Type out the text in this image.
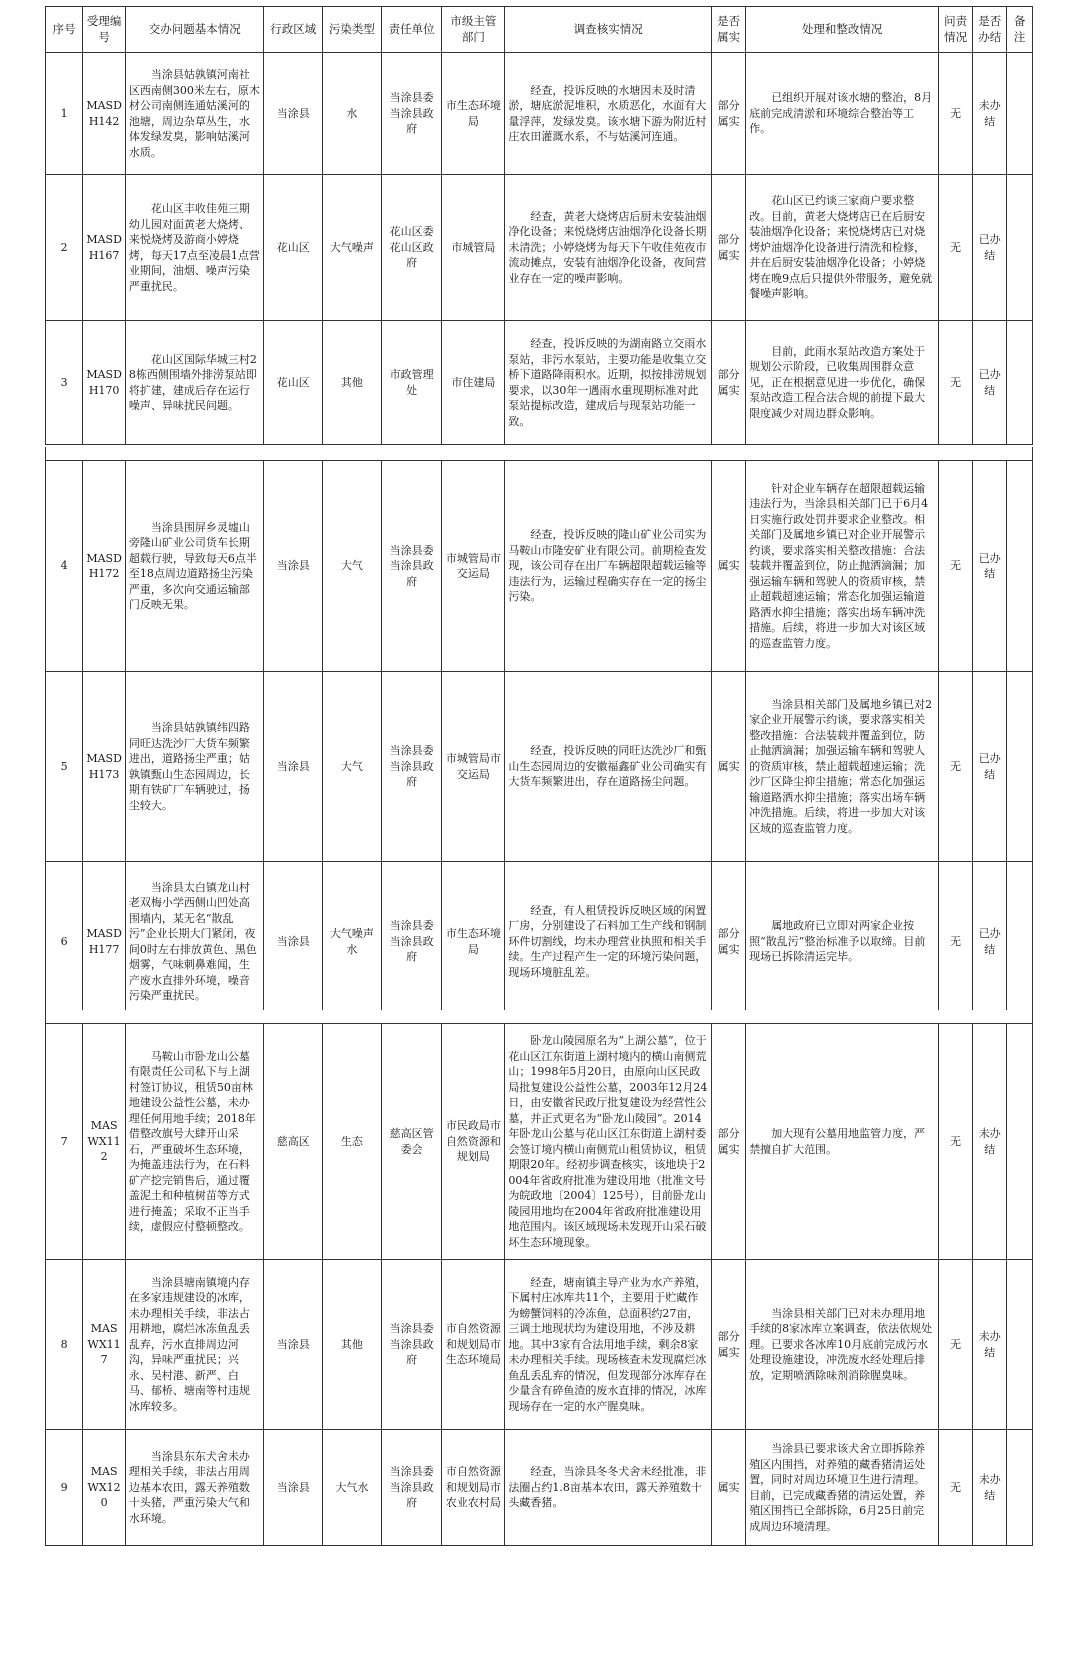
序号	受理编号	交办问题基本情况	行政区域	污染类型	责任单位	市级主管部门	调查核实情况	是否属实	处理和整改情况	问责情况	是否办结	备注
1	MASDH142	当涂县姑孰镇河南社区西南侧300米左右，原木材公司南侧连通姑溪河的池塘，周边杂草丛生，水体发绿发臭，影响姑溪河水质。	当涂县	水	当涂县委当涂县政府	市生态环境局	经查，投诉反映的水塘因未及时清淤，塘底淤泥堆积，水质恶化，水面有大量浮萍，发绿发臭。该水塘下游为附近村庄农田灌溉水系，不与姑溪河连通。	部分属实	已组织开展对该水塘的整治，8月底前完成清淤和环境综合整治等工作。	无	未办结	
2	MASDH167	花山区丰收佳苑三期幼儿园对面黄老大烧烤、来悦烧烤及游商小婷烧烤，每天17点至凌晨1点营业期间，油烟、噪声污染严重扰民。	花山区	大气噪声	花山区委花山区政府	市城管局	经查，黄老大烧烤店后厨未安装油烟净化设备；来悦烧烤店油烟净化设备长期未清洗；小婷烧烤为每天下午收佳苑夜市流动摊点，安装有油烟净化设备，夜间营业存在一定的噪声影响。	部分属实	花山区已约谈三家商户要求整改。目前，黄老大烧烤店已在后厨安装油烟净化设备；来悦烧烤店已对烧烤炉油烟净化设备进行清洗和检修，并在后厨安装油烟净化设备；小婷烧烤在晚9点后只提供外带服务，避免就餐噪声影响。	无	已办结	
3	MASDH170	花山区国际华城三村28栋西侧围墙外排涝泵站即将扩建，建成后存在运行噪声、异味扰民问题。	花山区	其他	市政管理处	市住建局	经查，投诉反映的为湖南路立交雨水泵站，非污水泵站，主要功能是收集立交桥下道路降雨积水。近期，拟按排涝规划要求，以30年一遇雨水重现期标准对此泵站提标改造，建成后与现泵站功能一致。	部分属实	目前，此雨水泵站改造方案处于规划公示阶段，已收集周围群众意见，正在根据意见进一步优化，确保泵站改造工程合法合规的前提下最大限度减少对周边群众影响。	无	已办结	
4	MASDH172	当涂县围屏乡灵墟山旁隆山矿业公司货车长期超载行驶，导致每天6点半至18点周边道路扬尘污染严重，多次向交通运输部门反映无果。	当涂县	大气	当涂县委当涂县政府	市城管局市交运局	经查，投诉反映的隆山矿业公司实为马鞍山市隆安矿业有限公司。前期检查发现，该公司存在出厂车辆超限超载运输等违法行为，运输过程确实存在一定的扬尘污染。	属实	针对企业车辆存在超限超载运输违法行为，当涂县相关部门已于6月4日实施行政处罚并要求企业整改。相关部门及属地乡镇已对企业开展警示约谈，要求落实相关整改措施：合法装载并覆盖到位，防止抛洒滴漏；加强运输车辆和驾驶人的资质审核，禁止超载超速运输；常态化加强运输道路洒水抑尘措施；落实出场车辆冲洗措施。后续，将进一步加大对该区域的巡查监管力度。	无	已办结	
5	MASDH173	当涂县姑孰镇纬四路同旺达洗沙厂大货车频繁进出，道路扬尘严重；姑孰镇甄山生态园周边，长期有铁矿厂车辆驶过，扬尘较大。	当涂县	大气	当涂县委当涂县政府	市城管局市交运局	经查，投诉反映的同旺达洗沙厂和甄山生态园周边的安徽福鑫矿业公司确实有大货车频繁进出，存在道路扬尘问题。	属实	当涂县相关部门及属地乡镇已对2家企业开展警示约谈，要求落实相关整改措施：合法装载并覆盖到位，防止抛洒滴漏；加强运输车辆和驾驶人的资质审核，禁止超载超速运输；洗沙厂区降尘抑尘措施；常态化加强运输道路洒水抑尘措施；落实出场车辆冲洗措施。后续，将进一步加大对该区域的巡查监管力度。	无	已办结	
6	MASDH177	当涂县太白镇龙山村老双梅小学西侧山凹处高围墙内，某无名“散乱污”企业长期大门紧闭，夜间0时左右排放黄色、黑色烟雾，气味刺鼻难闻，生产废水直排外环境，噪音污染严重扰民。	当涂县	大气噪声水	当涂县委当涂县政府	市生态环境局	经查，有人租赁投诉反映区域的闲置厂房，分别建设了石料加工生产线和钢制环件切割线，均未办理营业执照和相关手续。生产过程产生一定的环境污染问题，现场环境脏乱差。	部分属实	属地政府已立即对两家企业按照“散乱污”整治标准予以取缔。目前现场已拆除清运完毕。	无	已办结	
7	MASWX112	马鞍山市卧龙山公墓有限责任公司私下与上湖村签订协议，租赁50亩林地建设公益性公墓，未办理任何用地手续；2018年借整改旗号大肆开山采石，严重破坏生态环境，为掩盖违法行为，在石料矿产挖完销售后，通过覆盖泥土和种植树苗等方式进行掩盖；采取不正当手续，虚假应付整顿整改。	慈高区	生态	慈高区管委会	市民政局市自然资源和规划局	卧龙山陵园原名为“上湖公墓”，位于花山区江东街道上湖村境内的横山南侧荒山；1998年5月20日，由原向山区民政局批复建设公益性公墓，2003年12月24日，由安徽省民政厅批复建设为经营性公墓，并正式更名为“卧龙山陵园”。2014年卧龙山公墓与花山区江东街道上湖村委会签订境内横山南侧荒山租赁协议，租赁期限20年。经初步调查核实，该地块于2004年省政府批准为建设用地（批准文号为皖政地〔2004〕125号），目前卧龙山陵园用地均在2004年省政府批准建设用地范围内。该区域现场未发现开山采石破坏生态环境现象。	部分属实	加大现有公墓用地监管力度，严禁擅自扩大范围。	无	未办结	
8	MASWX117	当涂县塘南镇境内存在多家违规建设的冰库，未办理相关手续，非法占用耕地，腐烂冰冻鱼乱丢乱弃，污水直排周边河沟，异味严重扰民；兴永、吴村港、新严、白马、郁桥、塘南等村违规冰库较多。	当涂县	其他	当涂县委当涂县政府	市自然资源和规划局市生态环境局	经查，塘南镇主导产业为水产养殖，下属村庄冰库共11个，主要用于贮藏作为螃蟹饲料的冷冻鱼，总面积约27亩，三调土地现状均为建设用地，不涉及耕地。其中3家有合法用地手续，剩余8家未办理相关手续。现场核查未发现腐烂冰鱼乱丢乱弃的情况，但发现部分冰库存在少量含有碎鱼渣的废水直排的情况，冰库现场存在一定的水产腥臭味。	部分属实	当涂县相关部门已对未办理用地手续的8家冰库立案调查，依法依规处理。已要求各冰库10月底前完成污水处理设施建设，冲洗废水经处理后排放，定期喷洒除味剂消除腥臭味。	无	未办结	
9	MASWX120	当涂县东东犬舍未办理相关手续，非法占用周边基本农田，露天养殖数十头猪，严重污染大气和水环境。	当涂县	大气水	当涂县委当涂县政府	市自然资源和规划局市农业农村局	经查，当涂县冬冬犬舍未经批准，非法圈占约1.8亩基本农田，露天养殖数十头藏香猪。	属实	当涂县已要求该犬舍立即拆除养殖区内围挡，对养殖的藏香猪清运处置，同时对周边环境卫生进行清理。目前，已完成藏香猪的清运处置，养殖区围挡已全部拆除，6月25日前完成周边环境清理。	无	未办结	
